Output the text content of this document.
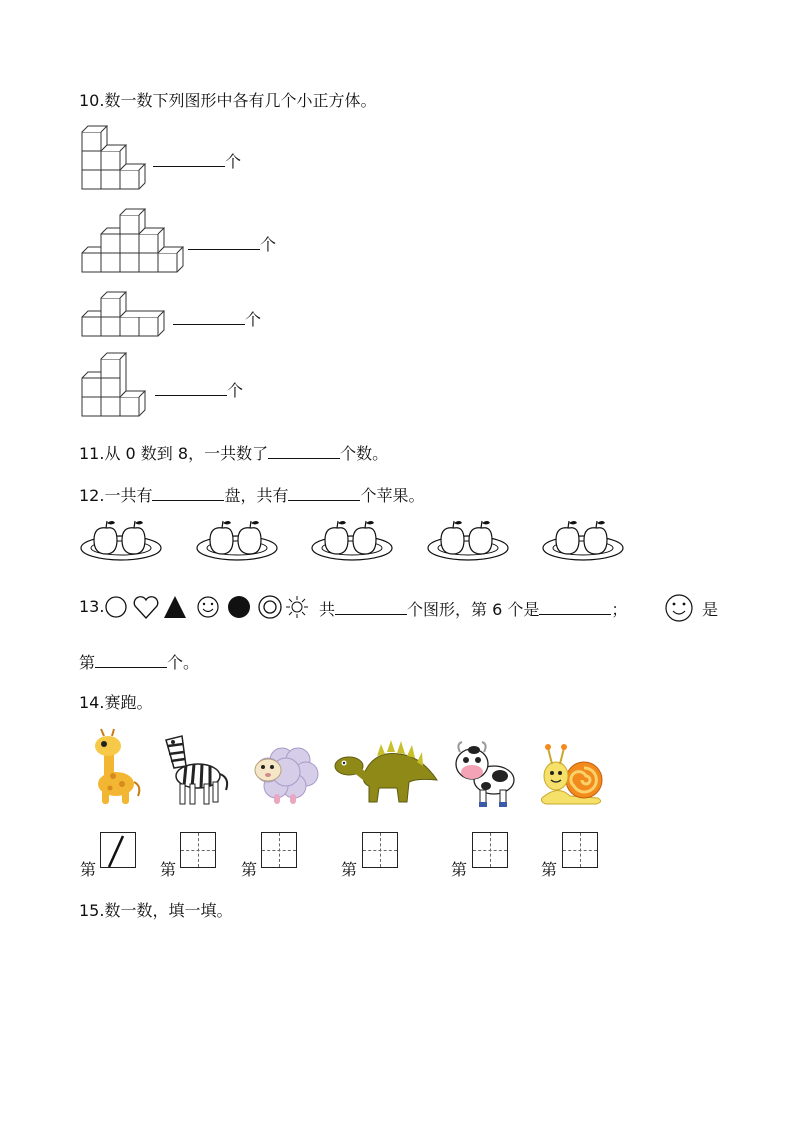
10.数一数下列图形中各有几个小正方体。
个
个
个
个
11.从 0 数到 8，一共数了	个数。
12.一共有	盘，共有	个苹果。
13.	共	个图形，第 6 个是	；	是
第	个。
14.赛跑。
第	第	第	第	第	第
15.数一数，填一填。
